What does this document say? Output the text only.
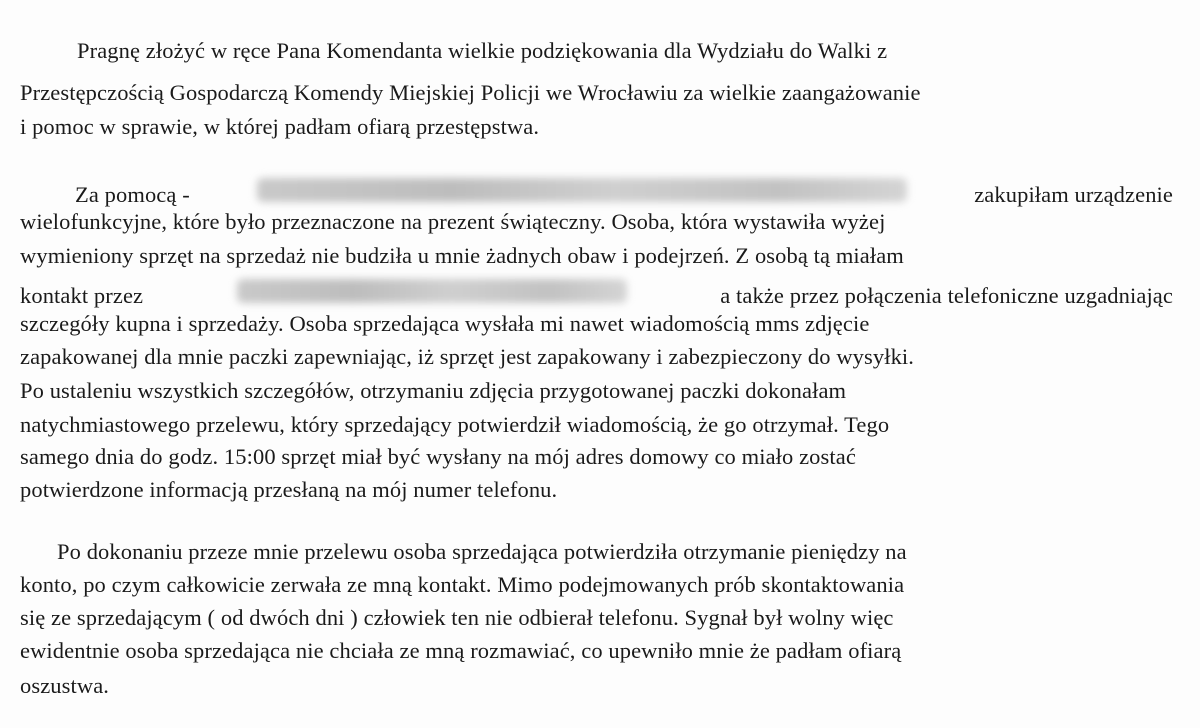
Pragnę złożyć w ręce Pana Komendanta wielkie podziękowania dla Wydziału do Walki z
Przestępczością Gospodarczą Komendy Miejskiej Policji we Wrocławiu za wielkie zaangażowanie
i pomoc w sprawie, w której padłam ofiarą przestępstwa.
Za pomocą -	zakupiłam urządzenie
wielofunkcyjne, które było przeznaczone na prezent świąteczny. Osoba, która wystawiła wyżej
wymieniony sprzęt na sprzedaż nie budziła u mnie żadnych obaw i podejrzeń. Z osobą tą miałam
kontakt przez	a także przez połączenia telefoniczne uzgadniając
szczegóły kupna i sprzedaży. Osoba sprzedająca wysłała mi nawet wiadomością mms zdjęcie
zapakowanej dla mnie paczki zapewniając, iż sprzęt jest zapakowany i zabezpieczony do wysyłki.
Po ustaleniu wszystkich szczegółów, otrzymaniu zdjęcia przygotowanej paczki dokonałam
natychmiastowego przelewu, który sprzedający potwierdził wiadomością, że go otrzymał. Tego
samego dnia do godz. 15:00 sprzęt miał być wysłany na mój adres domowy co miało zostać
potwierdzone informacją przesłaną na mój numer telefonu.
Po dokonaniu przeze mnie przelewu osoba sprzedająca potwierdziła otrzymanie pieniędzy na
konto, po czym całkowicie zerwała ze mną kontakt. Mimo podejmowanych prób skontaktowania
się ze sprzedającym ( od dwóch dni ) człowiek ten nie odbierał telefonu. Sygnał był wolny więc
ewidentnie osoba sprzedająca nie chciała ze mną rozmawiać, co upewniło mnie że padłam ofiarą
oszustwa.
